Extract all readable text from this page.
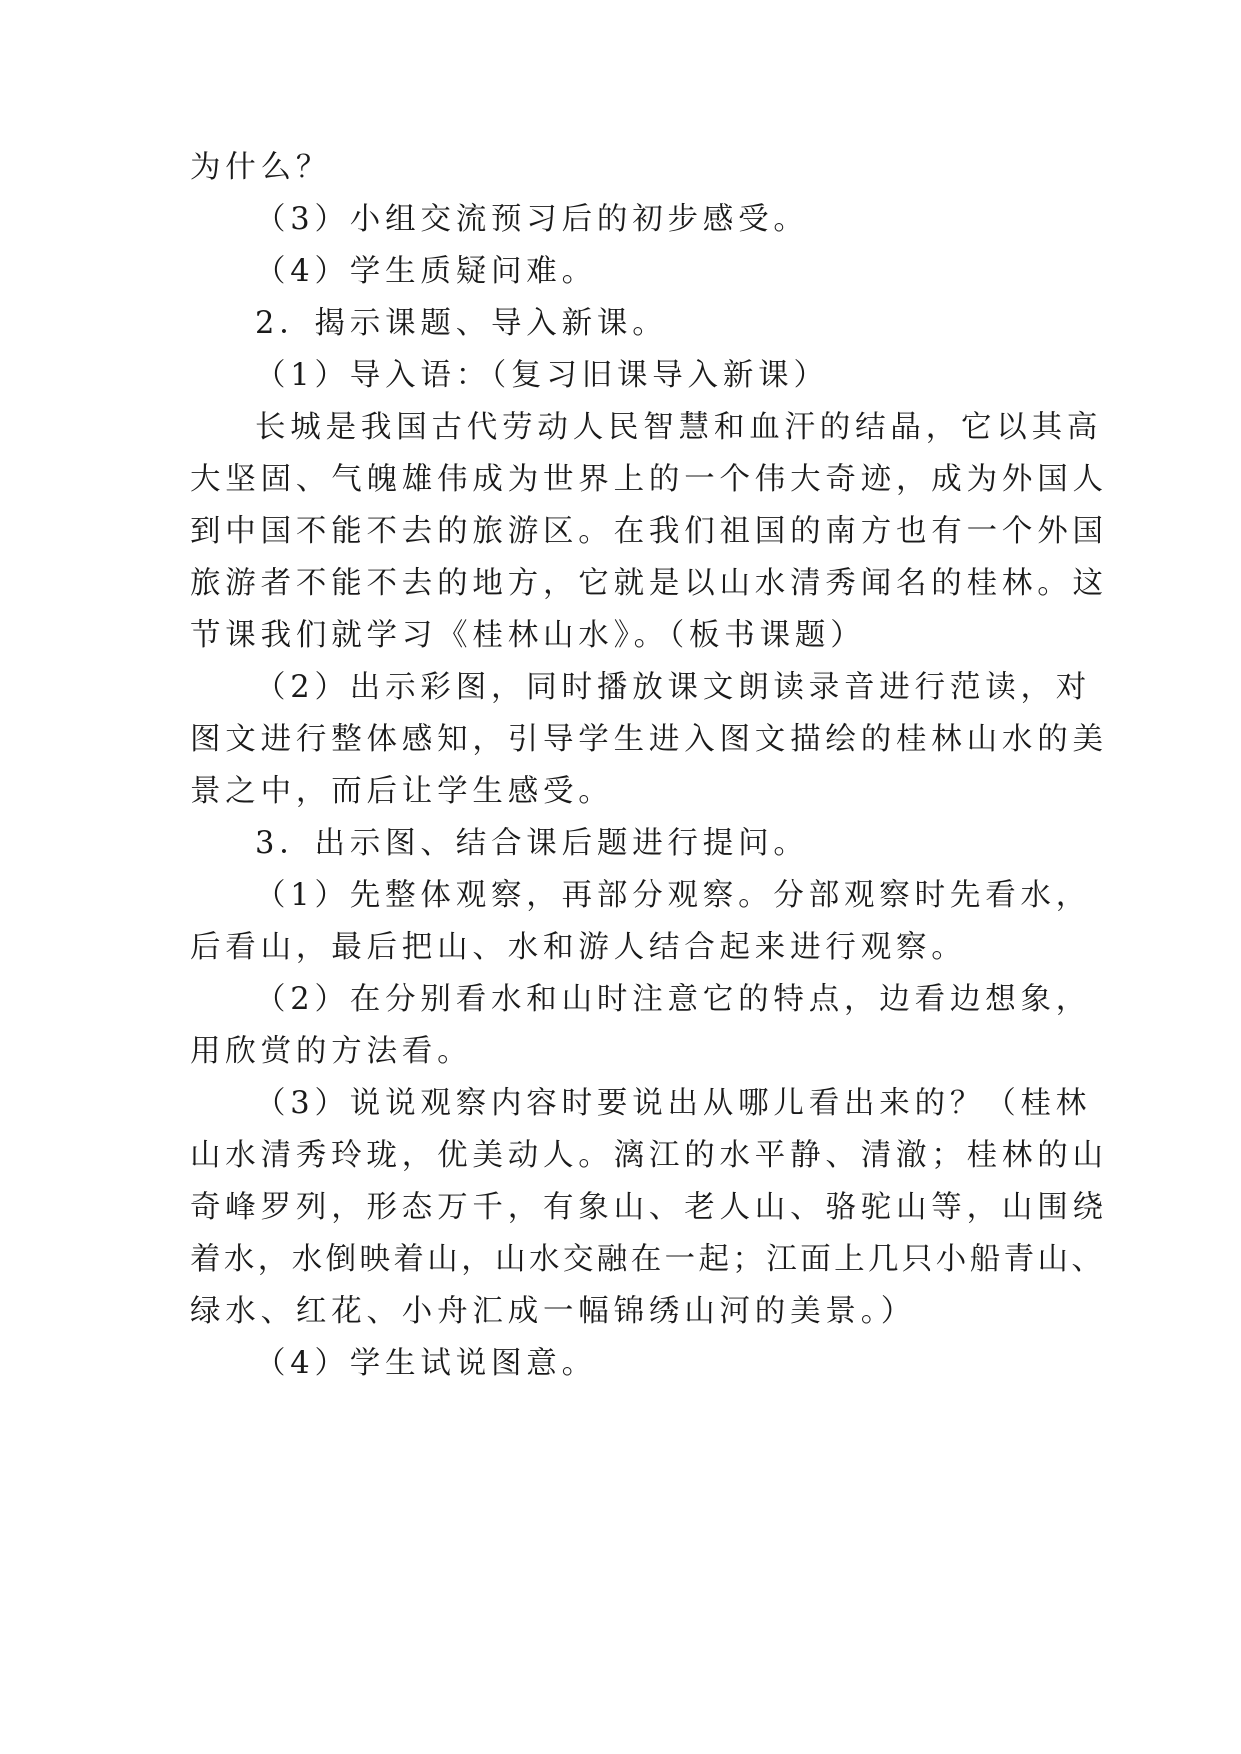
为什么？

（3）小组交流预习后的初步感受。

（4）学生质疑问难。

2．揭示课题、导入新课。

（1）导入语：（复习旧课导入新课）

长城是我国古代劳动人民智慧和血汗的结晶，它以其高

大坚固、气魄雄伟成为世界上的一个伟大奇迹，成为外国人

到中国不能不去的旅游区。在我们祖国的南方也有一个外国

旅游者不能不去的地方，它就是以山水清秀闻名的桂林。这

节课我们就学习《桂林山水》。（板书课题）

（2）出示彩图，同时播放课文朗读录音进行范读，对

图文进行整体感知，引导学生进入图文描绘的桂林山水的美

景之中，而后让学生感受。

3．出示图、结合课后题进行提问。

（1）先整体观察，再部分观察。分部观察时先看水，

后看山，最后把山、水和游人结合起来进行观察。

（2）在分别看水和山时注意它的特点，边看边想象，

用欣赏的方法看。

（3）说说观察内容时要说出从哪儿看出来的？（桂林

山水清秀玲珑，优美动人。漓江的水平静、清澈；桂林的山

奇峰罗列，形态万千，有象山、老人山、骆驼山等，山围绕

着水，水倒映着山，山水交融在一起；江面上几只小船青山、

绿水、红花、小舟汇成一幅锦绣山河的美景。）

（4）学生试说图意。
